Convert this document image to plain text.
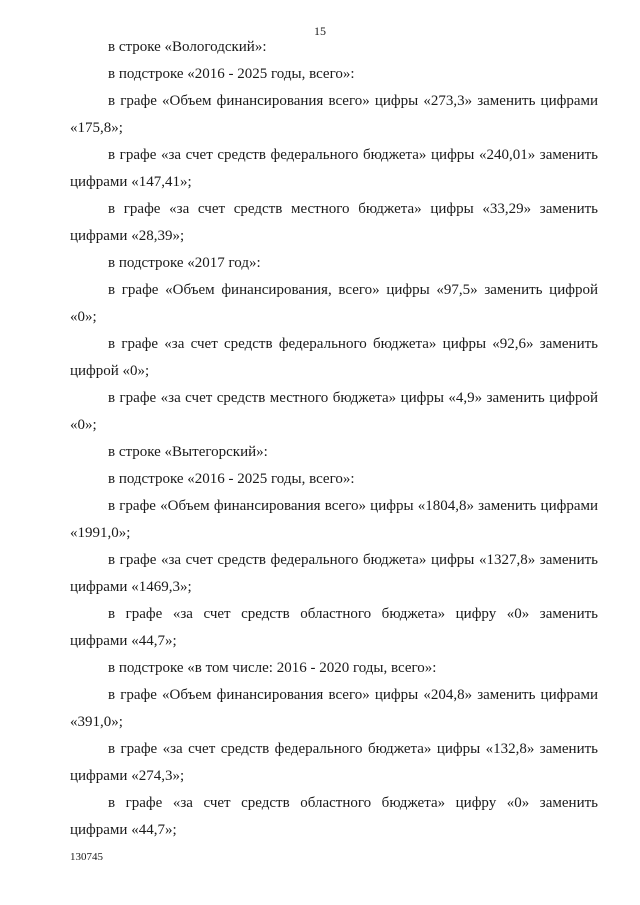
15

в строке «Вологодский»:

в подстроке «2016 - 2025 годы, всего»:

в графе «Объем финансирования всего» цифры «273,3» заменить цифрами «175,8»;

в графе «за счет средств федерального бюджета» цифры «240,01» заменить цифрами «147,41»;

в графе «за счет средств местного бюджета» цифры «33,29» заменить цифрами «28,39»;

в подстроке «2017 год»:

в графе «Объем финансирования, всего» цифры «97,5» заменить цифрой «0»;

в графе «за счет средств федерального бюджета» цифры «92,6» заменить цифрой «0»;

в графе «за счет средств местного бюджета» цифры «4,9» заменить цифрой «0»;

в строке «Вытегорский»:

в подстроке «2016 - 2025 годы, всего»:

в графе «Объем финансирования всего» цифры «1804,8» заменить цифрами «1991,0»;

в графе «за счет средств федерального бюджета» цифры «1327,8» заменить цифрами «1469,3»;

в графе «за счет средств областного бюджета» цифру «0» заменить цифрами «44,7»;

в подстроке «в том числе: 2016 - 2020 годы, всего»:

в графе «Объем финансирования всего» цифры «204,8» заменить цифрами «391,0»;

в графе «за счет средств федерального бюджета» цифры «132,8» заменить цифрами «274,3»;

в графе «за счет средств областного бюджета» цифру «0» заменить цифрами «44,7»;

130745
